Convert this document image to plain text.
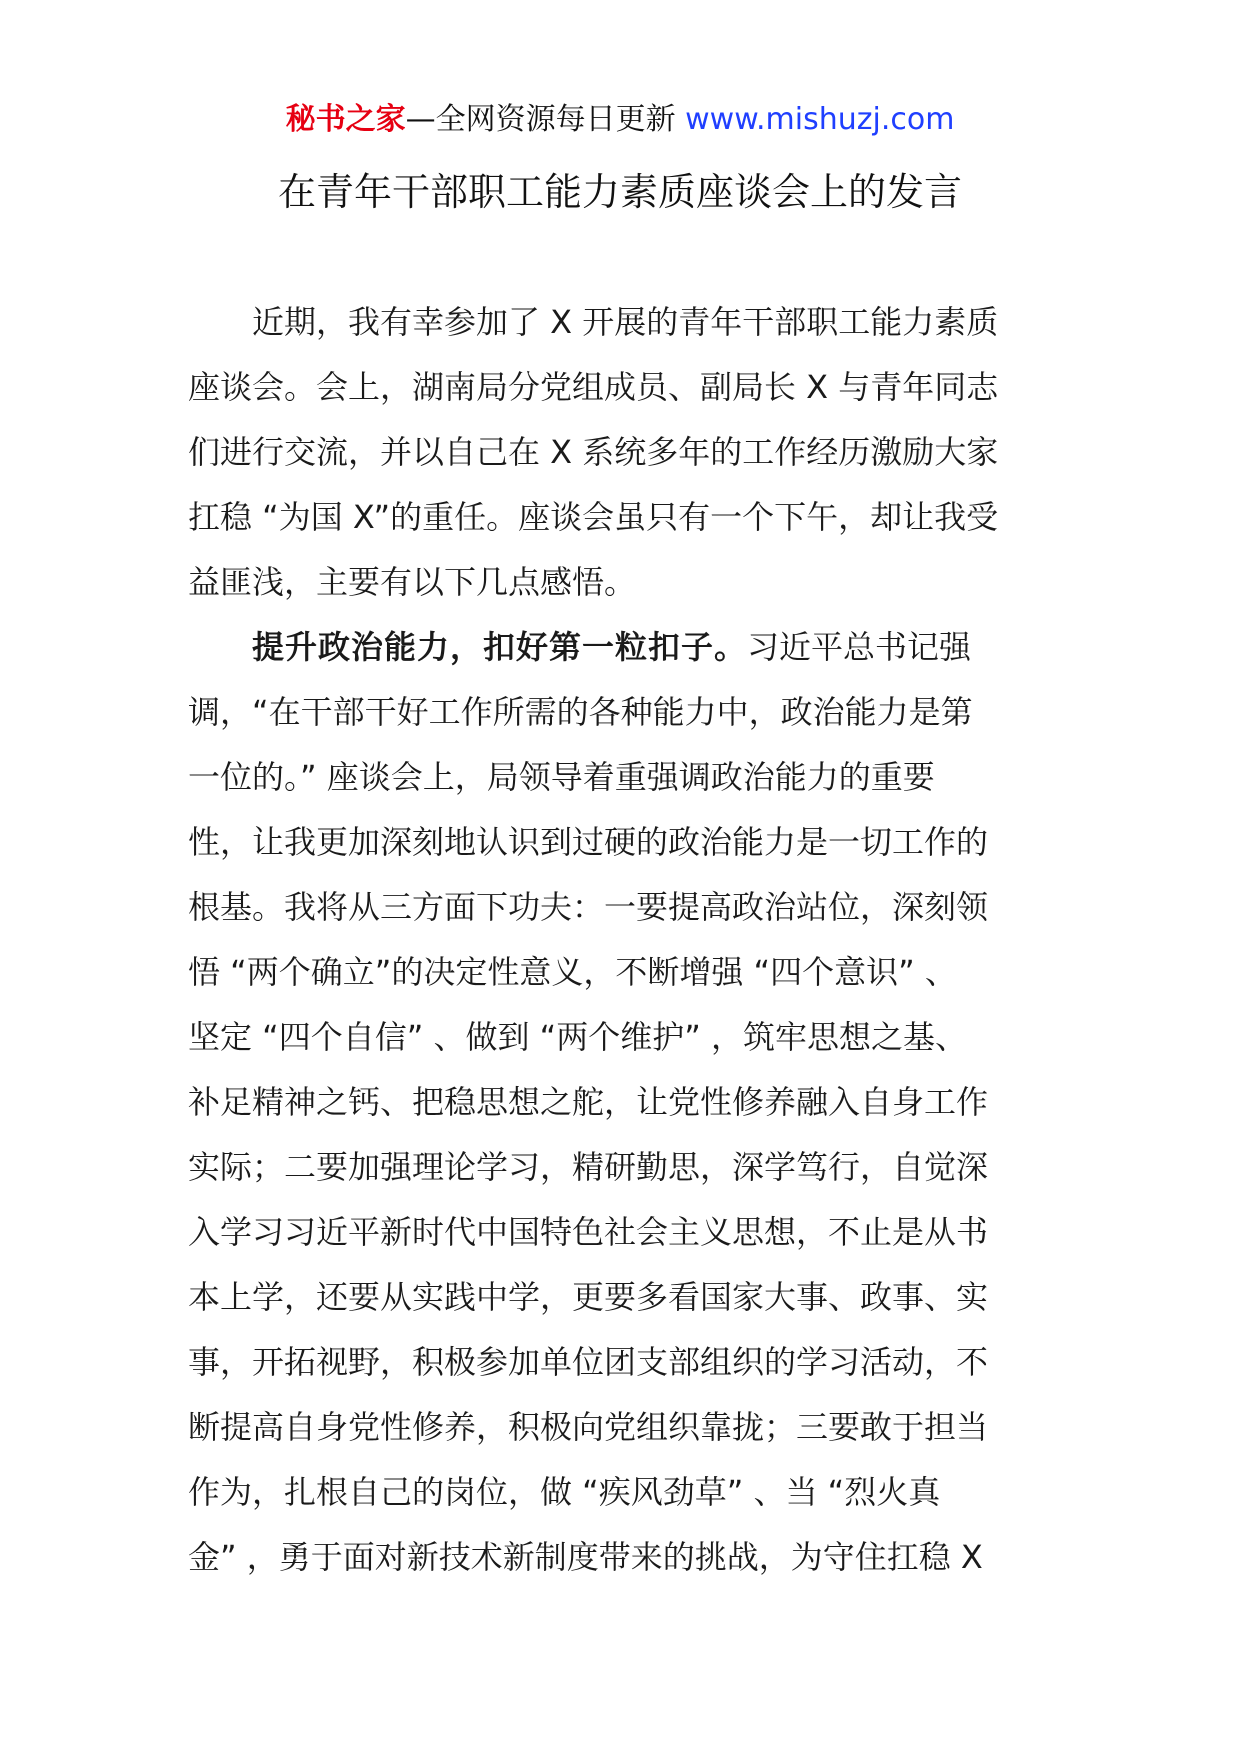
秘书之家—全网资源每日更新 www.mishuzj.com
在青年干部职工能力素质座谈会上的发言
近期，我有幸参加了 X 开展的青年干部职工能力素质
座谈会。会上，湖南局分党组成员、副局长 X 与青年同志
们进行交流，并以自己在 X 系统多年的工作经历激励大家
扛稳 “为国 X”的重任。座谈会虽只有一个下午，却让我受
益匪浅，主要有以下几点感悟。
提升政治能力，扣好第一粒扣子。习近平总书记强
调，“在干部干好工作所需的各种能力中，政治能力是第
一位的。” 座谈会上，局领导着重强调政治能力的重要
性，让我更加深刻地认识到过硬的政治能力是一切工作的
根基。我将从三方面下功夫：一要提高政治站位，深刻领
悟 “两个确立”的决定性意义，不断增强 “四个意识” 、
坚定 “四个自信” 、做到 “两个维护” ，筑牢思想之基、
补足精神之钙、把稳思想之舵，让党性修养融入自身工作
实际；二要加强理论学习，精研勤思，深学笃行，自觉深
入学习习近平新时代中国特色社会主义思想，不止是从书
本上学，还要从实践中学，更要多看国家大事、政事、实
事，开拓视野，积极参加单位团支部组织的学习活动，不
断提高自身党性修养，积极向党组织靠拢；三要敢于担当
作为，扎根自己的岗位，做 “疾风劲草” 、当 “烈火真
金” ，勇于面对新技术新制度带来的挑战，为守住扛稳 X
